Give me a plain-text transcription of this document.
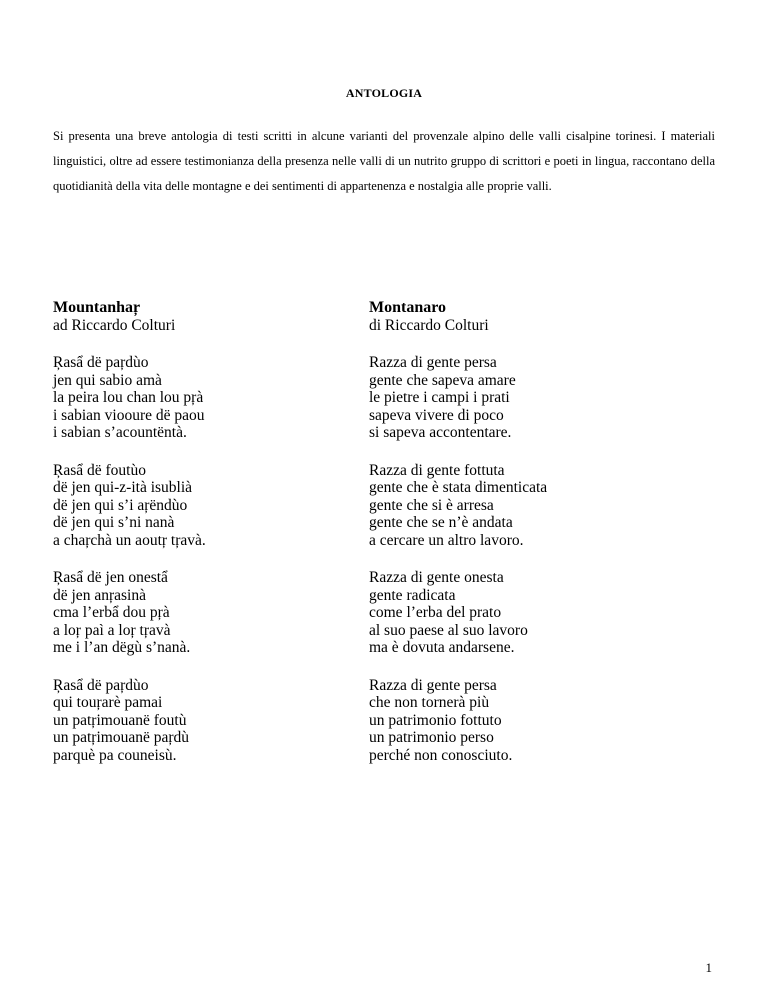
ANTOLOGIA

Si presenta una breve antologia di testi scritti in alcune varianti del provenzale alpino delle valli cisalpine torinesi. I materiali linguistici, oltre ad essere testimonianza della presenza nelle valli di un nutrito gruppo di scrittori e poeti in lingua, raccontano della quotidianità della vita delle montagne e dei sentimenti di appartenenza e nostalgia alle proprie valli.

Mountanhaŗ
ad Riccardo Colturi
Ŗasẩ dë paŗdùo
jen qui sabio amà
la peira lou chan lou pŗà
i sabian viooure dë paou
i sabian s’acountëntà.
Ŗasẩ dë foutùo
dë jen qui-z-ità isublià
dë jen qui s’i aŗëndùo
dë jen qui s’ni nanà
a chaŗchà un aoutŗ tŗavà.
Ŗasẩ dë jen onestẩ
dë jen anŗasinà
cma l’erbẩ dou pŗà
a loŗ paì a loŗ tŗavà
me i l’an dëgù s’nanà.
Ŗasẩ dë paŗdùo
qui touŗarè pamai
un patŗimouanë foutù
un patŗimouanë paŗdù
parquè pa couneisù.
Montanaro
di Riccardo Colturi
Razza di gente persa
gente che sapeva amare
le pietre i campi i prati
sapeva vivere di poco
si sapeva accontentare.
Razza di gente fottuta
gente che è stata dimenticata
gente che si è arresa
gente che se n’è andata
a cercare un altro lavoro.
Razza di gente onesta
gente radicata
come l’erba del prato
al suo paese al suo lavoro
ma è dovuta andarsene.
Razza di gente persa
che non tornerà più
un patrimonio fottuto
un patrimonio perso
perché non conosciuto.
1
